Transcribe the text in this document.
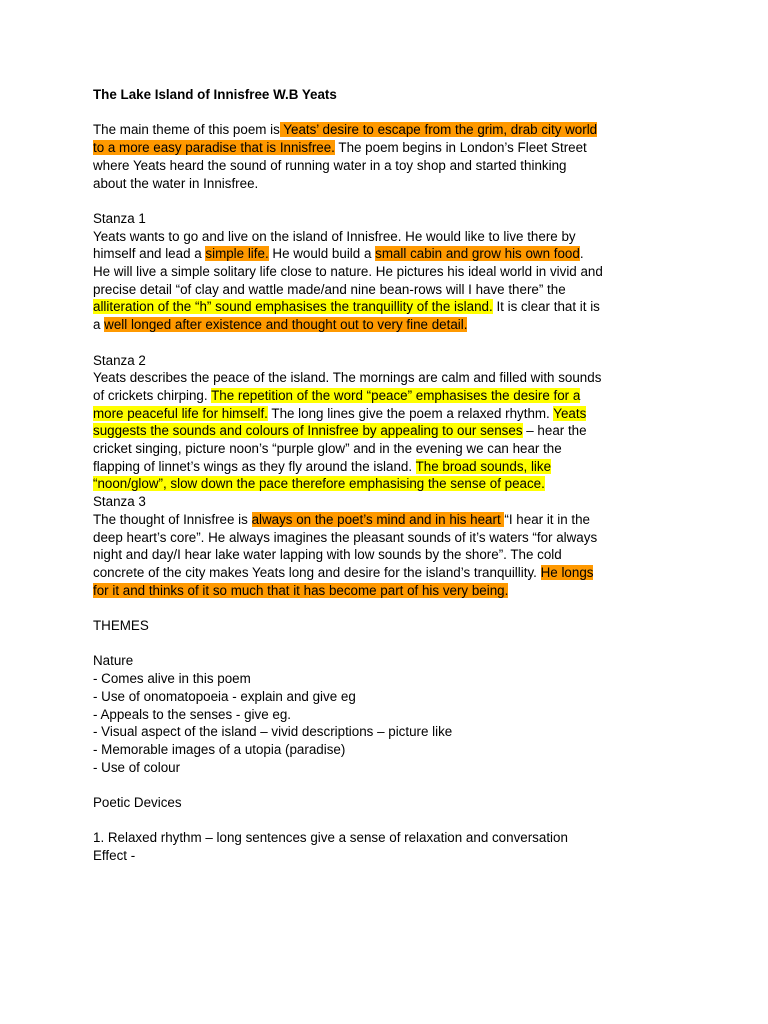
The Lake Island of Innisfree W.B Yeats

The main theme of this poem is Yeats’ desire to escape from the grim, drab city world to a more easy paradise that is Innisfree. The poem begins in London’s Fleet Street where Yeats heard the sound of running water in a toy shop and started thinking about the water in Innisfree.

Stanza 1

Yeats wants to go and live on the island of Innisfree. He would like to live there by himself and lead a simple life. He would build a small cabin and grow his own food. He will live a simple solitary life close to nature. He pictures his ideal world in vivid and precise detail “of clay and wattle made/and nine bean-rows will I have there” the alliteration of the “h” sound emphasises the tranquillity of the island. It is clear that it is a well longed after existence and thought out to very fine detail.

Stanza 2

Yeats describes the peace of the island. The mornings are calm and filled with sounds of crickets chirping. The repetition of the word “peace” emphasises the desire for a more peaceful life for himself. The long lines give the poem a relaxed rhythm. Yeats suggests the sounds and colours of Innisfree by appealing to our senses – hear the cricket singing, picture noon’s “purple glow” and in the evening we can hear the flapping of linnet’s wings as they fly around the island. The broad sounds, like “noon/glow”, slow down the pace therefore emphasising the sense of peace.

Stanza 3

The thought of Innisfree is always on the poet’s mind and in his heart “I hear it in the deep heart’s core”. He always imagines the pleasant sounds of it’s waters “for always night and day/I hear lake water lapping with low sounds by the shore”. The cold concrete of the city makes Yeats long and desire for the island’s tranquillity. He longs for it and thinks of it so much that it has become part of his very being.

THEMES

Nature

- Comes alive in this poem
- Use of onomatopoeia - explain and give eg
- Appeals to the senses - give eg.
- Visual aspect of the island – vivid descriptions – picture like
- Memorable images of a utopia (paradise)
- Use of colour

Poetic Devices

1. Relaxed rhythm – long sentences give a sense of relaxation and conversation

Effect -
